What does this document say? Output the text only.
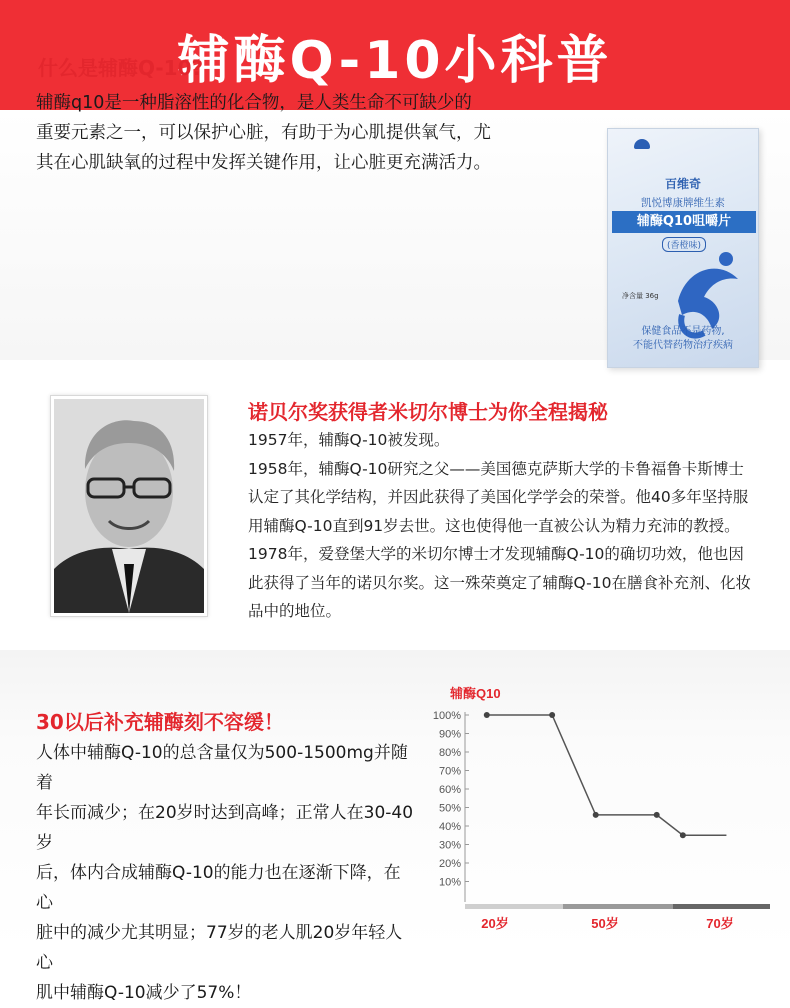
辅酶Q-10小科普
什么是辅酶Q-10?
辅酶q10是一种脂溶性的化合物，是人类生命不可缺少的
重要元素之一，可以保护心脏，有助于为心肌提供氧气，尤
其在心肌缺氧的过程中发挥关键作用，让心脏更充满活力。
百维奇
凯悦博康牌维生素
辅酶Q10咀嚼片
(香橙味)
净含量 36g
保健食品不是药物,
不能代替药物治疗疾病
诺贝尔奖获得者米切尔博士为你全程揭秘
1957年，辅酶Q-10被发现。
1958年，辅酶Q-10研究之父——美国德克萨斯大学的卡鲁福鲁卡斯博士
认定了其化学结构，并因此获得了美国化学学会的荣誉。他40多年坚持服
用辅酶Q-10直到91岁去世。这也使得他一直被公认为精力充沛的教授。
1978年，爱登堡大学的米切尔博士才发现辅酶Q-10的确切功效，他也因
此获得了当年的诺贝尔奖。这一殊荣奠定了辅酶Q-10在膳食补充剂、化妆
品中的地位。
30以后补充辅酶刻不容缓！
人体中辅酶Q-10的总含量仅为500-1500mg并随着
年长而减少；在20岁时达到高峰；正常人在30-40岁
后，体内合成辅酶Q-10的能力也在逐渐下降，在心
脏中的减少尤其明显；77岁的老人肌20岁年轻人心
肌中辅酶Q-10减少了57%！
辅酶Q10
100%
90%
80%
70%
60%
50%
40%
30%
20%
10%
20岁	50岁	70岁
